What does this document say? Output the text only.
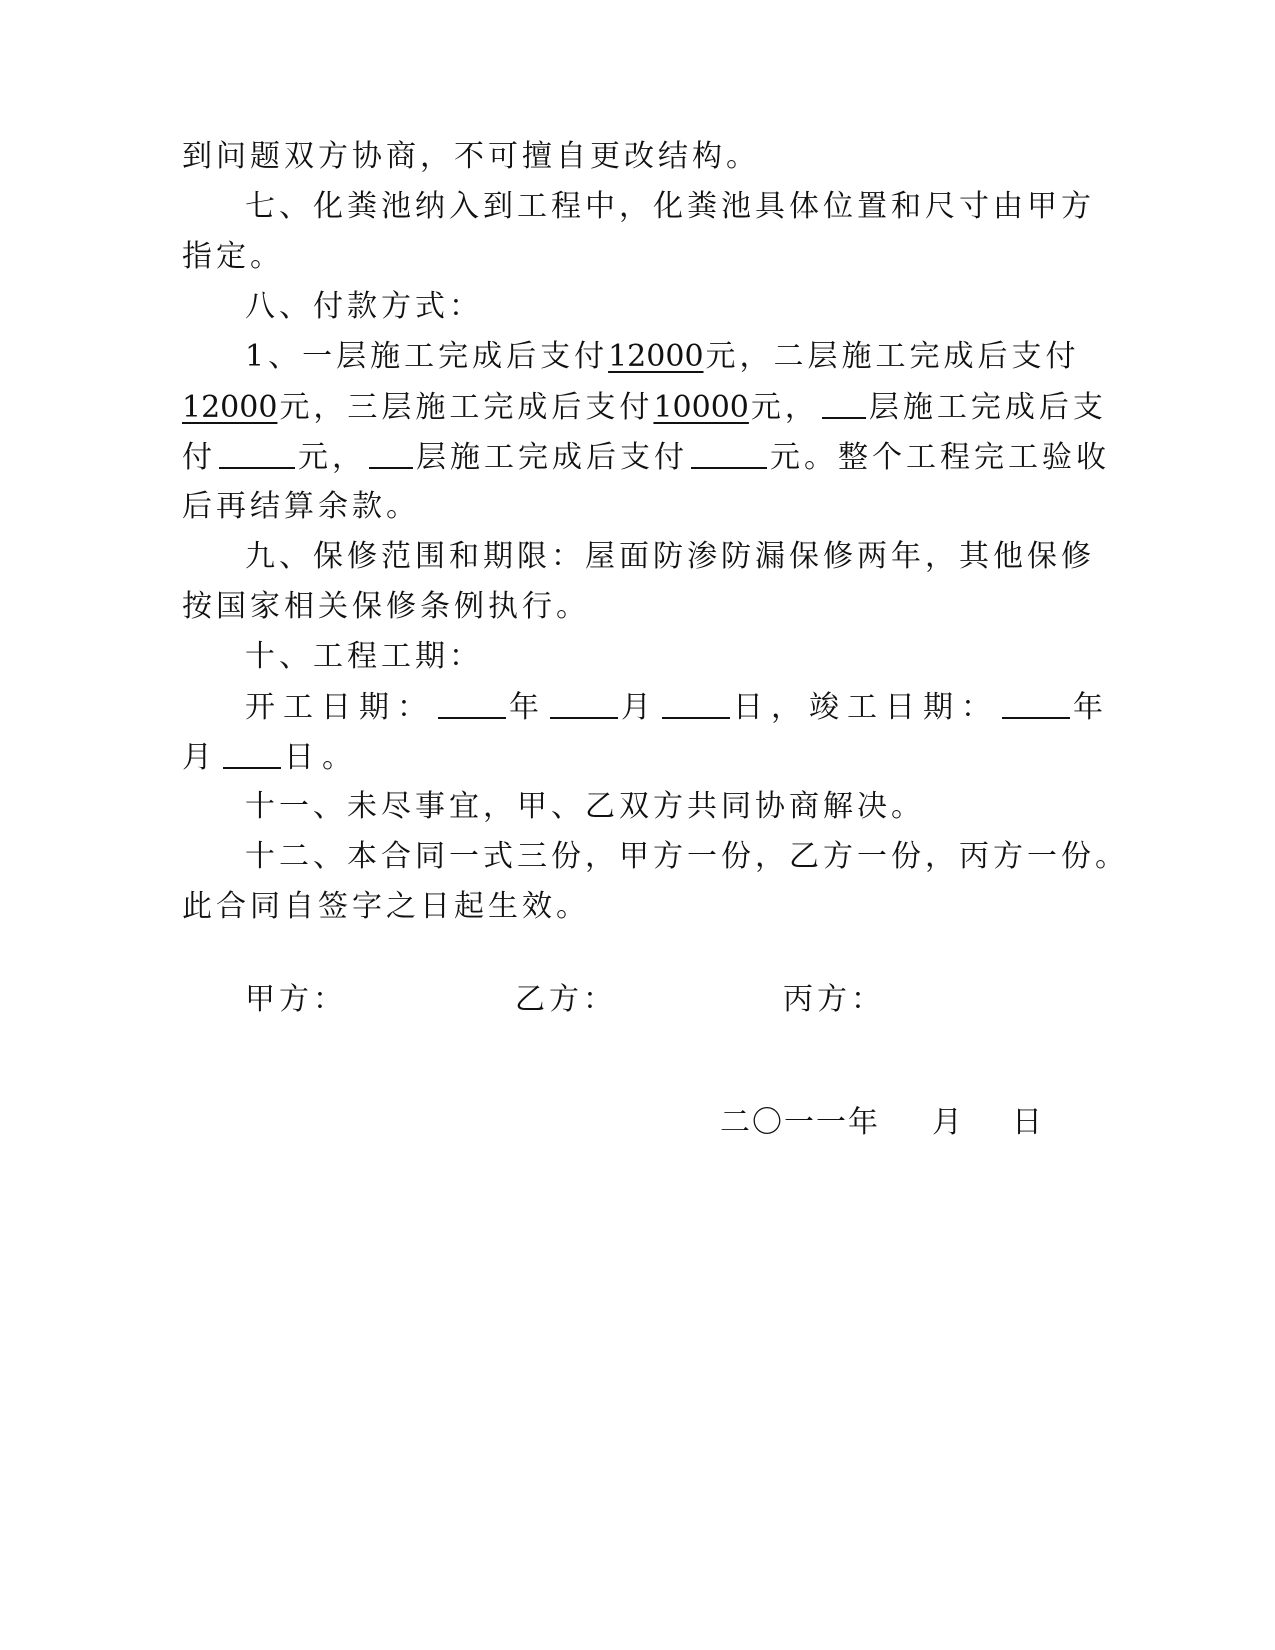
到问题双方协商，不可擅自更改结构。
七、化粪池纳入到工程中，化粪池具体位置和尺寸由甲方
指定。
八、付款方式：
1、一层施工完成后支付12000元，二层施工完成后支付
12000元，三层施工完成后支付10000元， 层施工完成后支
付	元， 层施工完成后支付	元。整个工程完工验收
后再结算余款。
九、保修范围和期限：屋面防渗防漏保修两年，其他保修
按国家相关保修条例执行。
十、工程工期：
开工日期： 年 月 日，竣工日期： 年
月 日。
十一、未尽事宜，甲、乙双方共同协商解决。
十二、本合同一式三份，甲方一份，乙方一份，丙方一份。
此合同自签字之日起生效。
甲方：	乙方：	丙方：
二〇一一年 月 日
